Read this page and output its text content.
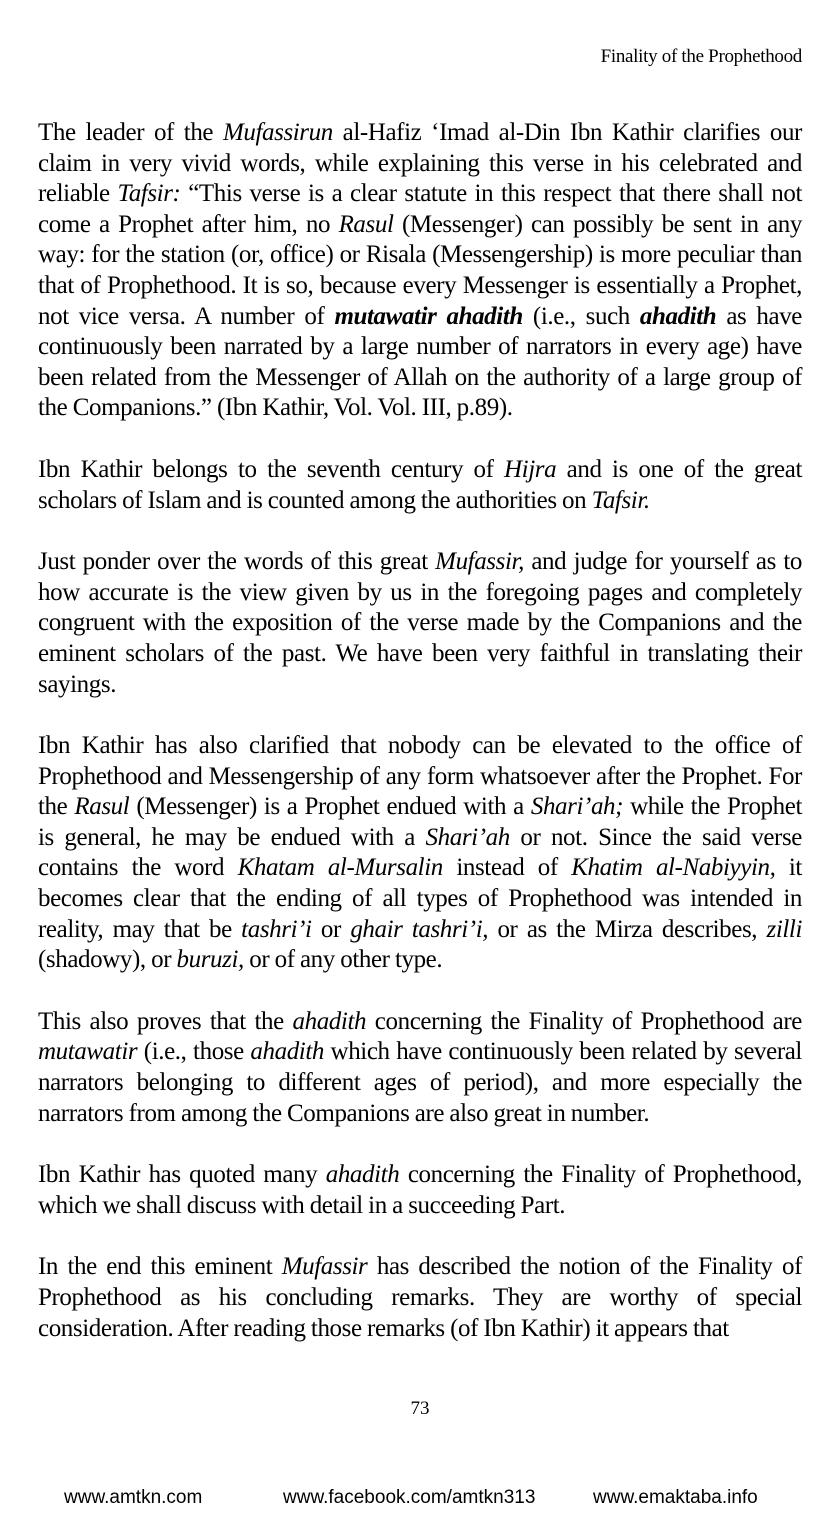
Finality of the Prophethood

The leader of the Mufassirun al-Hafiz ‘Imad al-Din Ibn Kathir clarifies our claim in very vivid words, while explaining this verse in his celebrated and reliable Tafsir: “This verse is a clear statute in this respect that there shall not come a Prophet after him, no Rasul (Messenger) can possibly be sent in any way: for the station (or, office) or Risala (Messengership) is more peculiar than that of Prophethood. It is so, because every Messenger is essentially a Prophet, not vice versa. A number of mutawatir ahadith (i.e., such ahadith as have continuously been narrated by a large number of narrators in every age) have been related from the Messenger of Allah on the authority of a large group of the Companions.” (Ibn Kathir, Vol. Vol. III, p.89).

Ibn Kathir belongs to the seventh century of Hijra and is one of the great scholars of Islam and is counted among the authorities on Tafsir.

Just ponder over the words of this great Mufassir, and judge for yourself as to how accurate is the view given by us in the foregoing pages and completely congruent with the exposition of the verse made by the Companions and the eminent scholars of the past. We have been very faithful in translating their sayings.

Ibn Kathir has also clarified that nobody can be elevated to the office of Prophethood and Messengership of any form whatsoever after the Prophet. For the Rasul (Messenger) is a Prophet endued with a Shari’ah; while the Prophet is general, he may be endued with a Shari’ah or not. Since the said verse contains the word Khatam al-Mursalin instead of Khatim al-Nabiyyin, it becomes clear that the ending of all types of Prophethood was intended in reality, may that be tashri’i or ghair tashri’i, or as the Mirza describes, zilli (shadowy), or buruzi, or of any other type.

This also proves that the ahadith concerning the Finality of Prophethood are mutawatir (i.e., those ahadith which have continuously been related by several narrators belonging to different ages of period), and more especially the narrators from among the Companions are also great in number.

Ibn Kathir has quoted many ahadith concerning the Finality of Prophethood, which we shall discuss with detail in a succeeding Part.

In the end this eminent Mufassir has described the notion of the Finality of Prophethood as his concluding remarks. They are worthy of special consideration. After reading those remarks (of Ibn Kathir) it appears that

73
www.amtkn.com	www.facebook.com/amtkn313	www.emaktaba.info
